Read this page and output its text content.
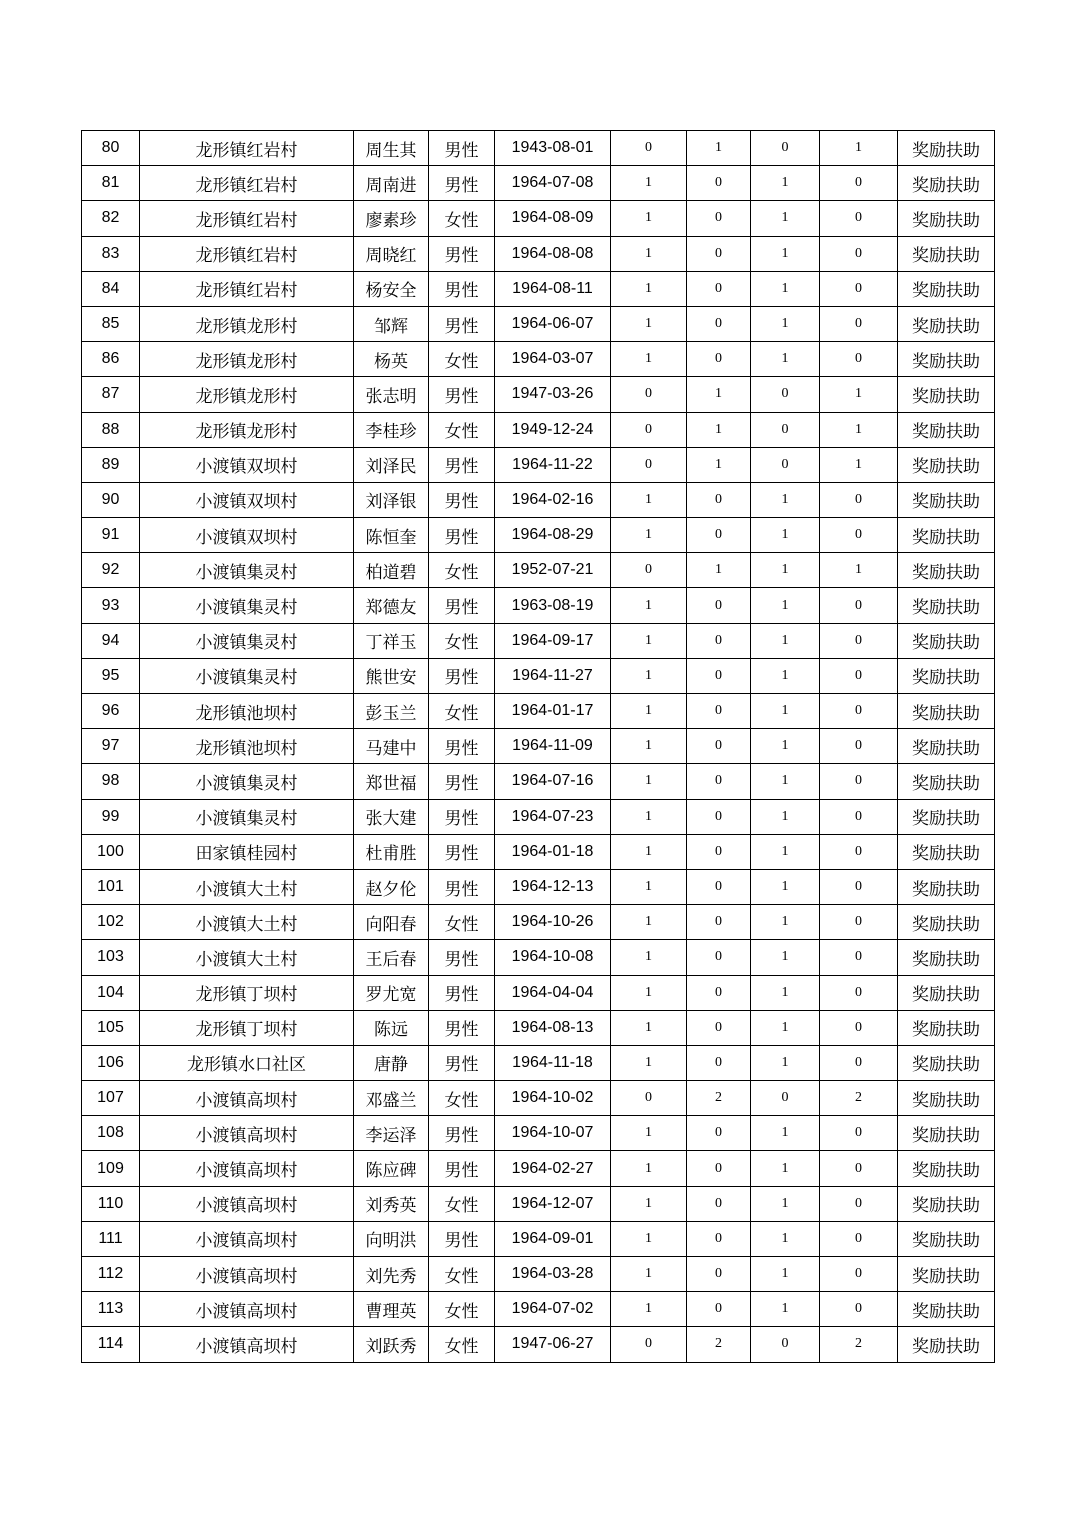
80	龙形镇红岩村	周生其	男性	1943-08-01	0	1	0	1	奖励扶助
81	龙形镇红岩村	周南进	男性	1964-07-08	1	0	1	0	奖励扶助
82	龙形镇红岩村	廖素珍	女性	1964-08-09	1	0	1	0	奖励扶助
83	龙形镇红岩村	周晓红	男性	1964-08-08	1	0	1	0	奖励扶助
84	龙形镇红岩村	杨安全	男性	1964-08-11	1	0	1	0	奖励扶助
85	龙形镇龙形村	邹辉	男性	1964-06-07	1	0	1	0	奖励扶助
86	龙形镇龙形村	杨英	女性	1964-03-07	1	0	1	0	奖励扶助
87	龙形镇龙形村	张志明	男性	1947-03-26	0	1	0	1	奖励扶助
88	龙形镇龙形村	李桂珍	女性	1949-12-24	0	1	0	1	奖励扶助
89	小渡镇双坝村	刘泽民	男性	1964-11-22	0	1	0	1	奖励扶助
90	小渡镇双坝村	刘泽银	男性	1964-02-16	1	0	1	0	奖励扶助
91	小渡镇双坝村	陈恒奎	男性	1964-08-29	1	0	1	0	奖励扶助
92	小渡镇集灵村	柏道碧	女性	1952-07-21	0	1	1	1	奖励扶助
93	小渡镇集灵村	郑德友	男性	1963-08-19	1	0	1	0	奖励扶助
94	小渡镇集灵村	丁祥玉	女性	1964-09-17	1	0	1	0	奖励扶助
95	小渡镇集灵村	熊世安	男性	1964-11-27	1	0	1	0	奖励扶助
96	龙形镇池坝村	彭玉兰	女性	1964-01-17	1	0	1	0	奖励扶助
97	龙形镇池坝村	马建中	男性	1964-11-09	1	0	1	0	奖励扶助
98	小渡镇集灵村	郑世福	男性	1964-07-16	1	0	1	0	奖励扶助
99	小渡镇集灵村	张大建	男性	1964-07-23	1	0	1	0	奖励扶助
100	田家镇桂园村	杜甫胜	男性	1964-01-18	1	0	1	0	奖励扶助
101	小渡镇大土村	赵夕伦	男性	1964-12-13	1	0	1	0	奖励扶助
102	小渡镇大土村	向阳春	女性	1964-10-26	1	0	1	0	奖励扶助
103	小渡镇大土村	王后春	男性	1964-10-08	1	0	1	0	奖励扶助
104	龙形镇丁坝村	罗尤宽	男性	1964-04-04	1	0	1	0	奖励扶助
105	龙形镇丁坝村	陈远	男性	1964-08-13	1	0	1	0	奖励扶助
106	龙形镇水口社区	唐静	男性	1964-11-18	1	0	1	0	奖励扶助
107	小渡镇高坝村	邓盛兰	女性	1964-10-02	0	2	0	2	奖励扶助
108	小渡镇高坝村	李运泽	男性	1964-10-07	1	0	1	0	奖励扶助
109	小渡镇高坝村	陈应碑	男性	1964-02-27	1	0	1	0	奖励扶助
110	小渡镇高坝村	刘秀英	女性	1964-12-07	1	0	1	0	奖励扶助
111	小渡镇高坝村	向明洪	男性	1964-09-01	1	0	1	0	奖励扶助
112	小渡镇高坝村	刘先秀	女性	1964-03-28	1	0	1	0	奖励扶助
113	小渡镇高坝村	曹理英	女性	1964-07-02	1	0	1	0	奖励扶助
114	小渡镇高坝村	刘跃秀	女性	1947-06-27	0	2	0	2	奖励扶助
